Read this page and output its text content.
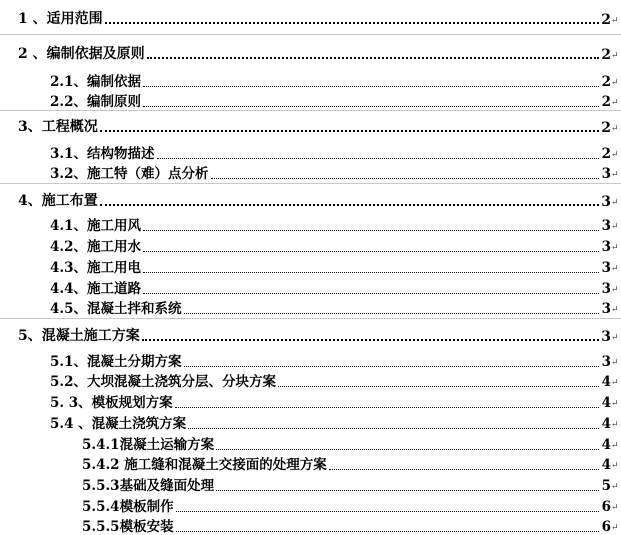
1 、适用范围	2 ↵
2 、编制依据及原则	2 ↵
2.1、编制依据	2 ↵
2.2、编制原则	2 ↵
3、工程概况	2 ↵
3.1、结构物描述	2 ↵
3.2、施工特（难）点分析	3 ↵
4、施工布置	3 ↵
4.1、施工用风	3 ↵
4.2、施工用水	3 ↵
4.3、施工用电	3 ↵
4.4、施工道路	3 ↵
4.5、混凝土拌和系统	3 ↵
5、混凝土施工方案	3 ↵
5.1、混凝土分期方案	3 ↵
5.2、大坝混凝土浇筑分层、分块方案	4 ↵
5. 3、模板规划方案	4 ↵
5.4 、混凝土浇筑方案	4 ↵
5.4.1混凝土运输方案	4 ↵
5.4.2 施工缝和混凝土交接面的处理方案	4 ↵
5.5.3基础及缝面处理	5 ↵
5.5.4模板制作	6 ↵
5.5.5模板安装	6 ↵
